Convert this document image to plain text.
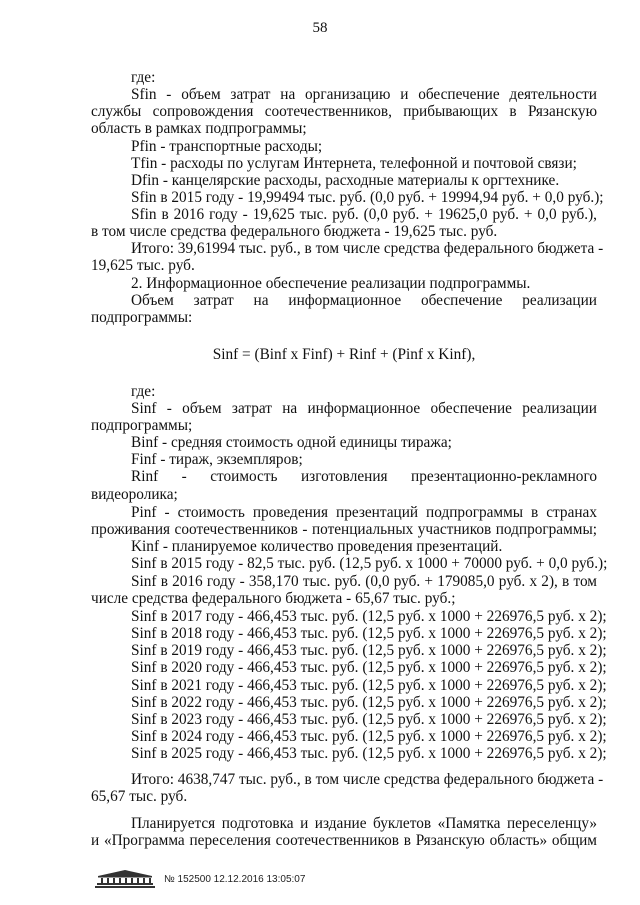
58
где:
Sfin - объем затрат на организацию и обеспечение деятельности
службы сопровождения соотечественников, прибывающих в Рязанскую
область в рамках подпрограммы;
Pfin - транспортные расходы;
Tfin - расходы по услугам Интернета, телефонной и почтовой связи;
Dfin - канцелярские расходы, расходные материалы к оргтехнике.
Sfin в 2015 году - 19,99494 тыс. руб. (0,0 руб. + 19994,94 руб. + 0,0 руб.);
Sfin в 2016 году - 19,625 тыс. руб. (0,0 руб. + 19625,0 руб. + 0,0 руб.),
в том числе средства федерального бюджета - 19,625 тыс. руб.
Итого: 39,61994 тыс. руб., в том числе средства федерального бюджета -
19,625 тыс. руб.
2. Информационное обеспечение реализации подпрограммы.
Объем затрат на информационное обеспечение реализации
подпрограммы:
Sinf = (Binf x Finf) + Rinf + (Pinf x Kinf),
где:
Sinf - объем затрат на информационное обеспечение реализации
подпрограммы;
Binf - средняя стоимость одной единицы тиража;
Finf - тираж, экземпляров;
Rinf - стоимость изготовления презентационно-рекламного
видеоролика;
Pinf - стоимость проведения презентаций подпрограммы в странах
проживания соотечественников - потенциальных участников подпрограммы;
Kinf - планируемое количество проведения презентаций.
Sinf в 2015 году - 82,5 тыс. руб. (12,5 руб. х 1000 + 70000 руб. + 0,0 руб.);
Sinf в 2016 году - 358,170 тыс. руб. (0,0 руб. + 179085,0 руб. х 2), в том
числе средства федерального бюджета - 65,67 тыс. руб.;
Sinf в 2017 году - 466,453 тыс. руб. (12,5 руб. х 1000 + 226976,5 руб. х 2);
Sinf в 2018 году - 466,453 тыс. руб. (12,5 руб. х 1000 + 226976,5 руб. х 2);
Sinf в 2019 году - 466,453 тыс. руб. (12,5 руб. х 1000 + 226976,5 руб. х 2);
Sinf в 2020 году - 466,453 тыс. руб. (12,5 руб. х 1000 + 226976,5 руб. х 2);
Sinf в 2021 году - 466,453 тыс. руб. (12,5 руб. х 1000 + 226976,5 руб. х 2);
Sinf в 2022 году - 466,453 тыс. руб. (12,5 руб. х 1000 + 226976,5 руб. х 2);
Sinf в 2023 году - 466,453 тыс. руб. (12,5 руб. х 1000 + 226976,5 руб. х 2);
Sinf в 2024 году - 466,453 тыс. руб. (12,5 руб. х 1000 + 226976,5 руб. х 2);
Sinf в 2025 году - 466,453 тыс. руб. (12,5 руб. х 1000 + 226976,5 руб. х 2);
Итого: 4638,747 тыс. руб., в том числе средства федерального бюджета -
65,67 тыс. руб.
Планируется подготовка и издание буклетов «Памятка переселенцу»
и «Программа переселения соотечественников в Рязанскую область» общим
№ 152500 12.12.2016 13:05:07
